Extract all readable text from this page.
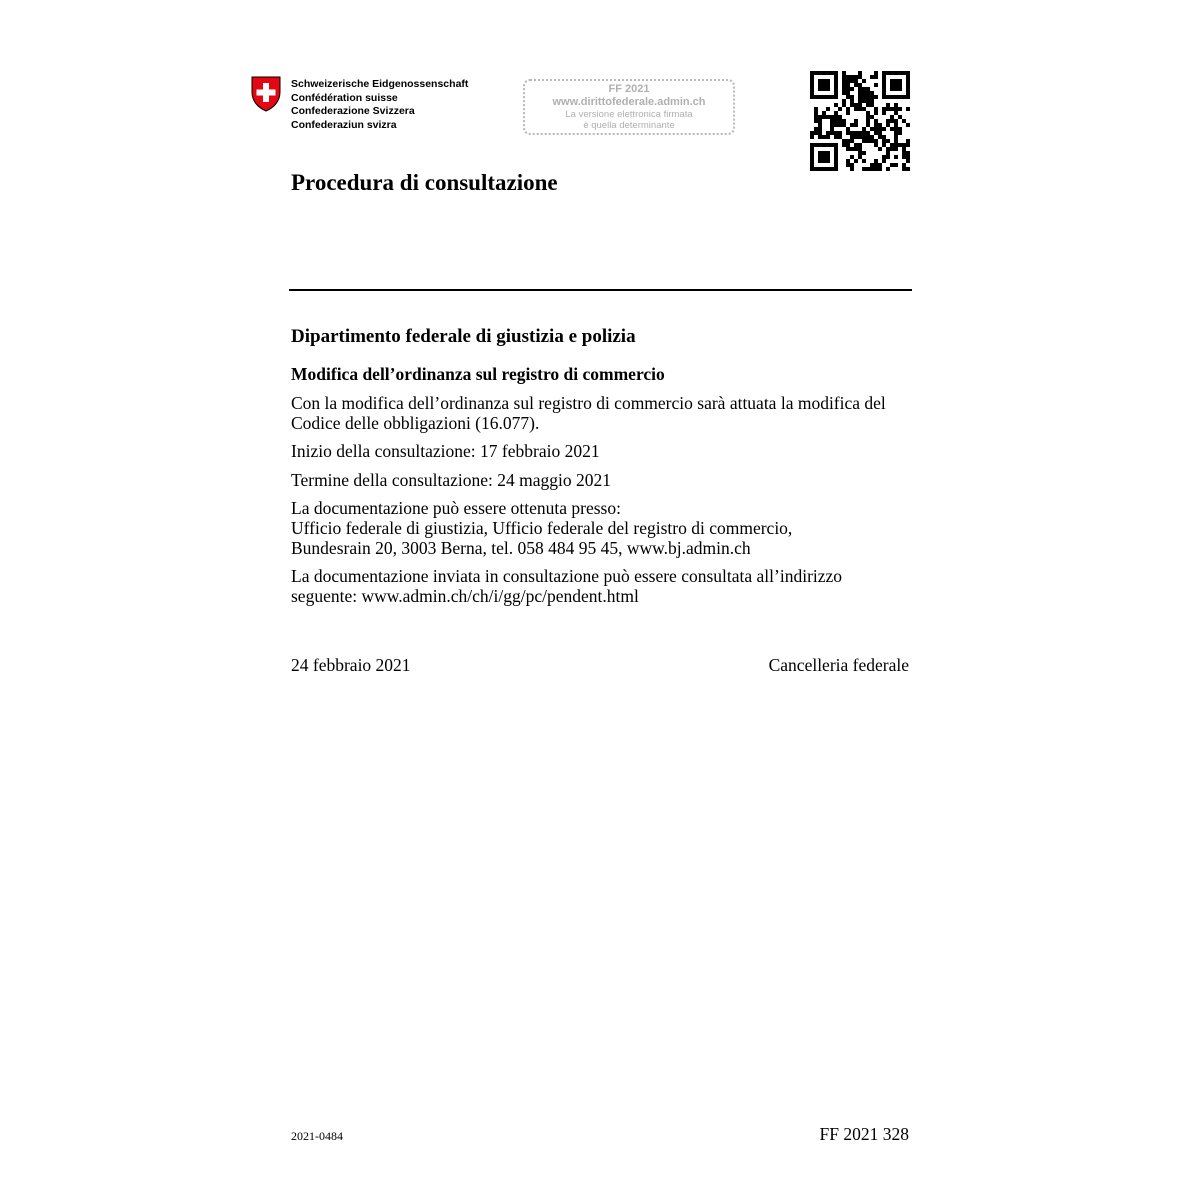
Schweizerische Eidgenossenschaft
Confédération suisse
Confederazione Svizzera
Confederaziun svizra
FF 2021
www.dirittofederale.admin.ch
La versione elettronica firmata
è quella determinante
Procedura di consultazione
Dipartimento federale di giustizia e polizia
Modifica dell’ordinanza sul registro di commercio
Con la modifica dell’ordinanza sul registro di commercio sarà attuata la modifica del
Codice delle obbligazioni (16.077).
Inizio della consultazione: 17 febbraio 2021
Termine della consultazione: 24 maggio 2021
La documentazione può essere ottenuta presso:
Ufficio federale di giustizia, Ufficio federale del registro di commercio,
Bundesrain 20, 3003 Berna, tel. 058 484 95 45, www.bj.admin.ch
La documentazione inviata in consultazione può essere consultata all’indirizzo
seguente: www.admin.ch/ch/i/gg/pc/pendent.html
24 febbraio 2021	Cancelleria federale
2021-0484	FF 2021 328
